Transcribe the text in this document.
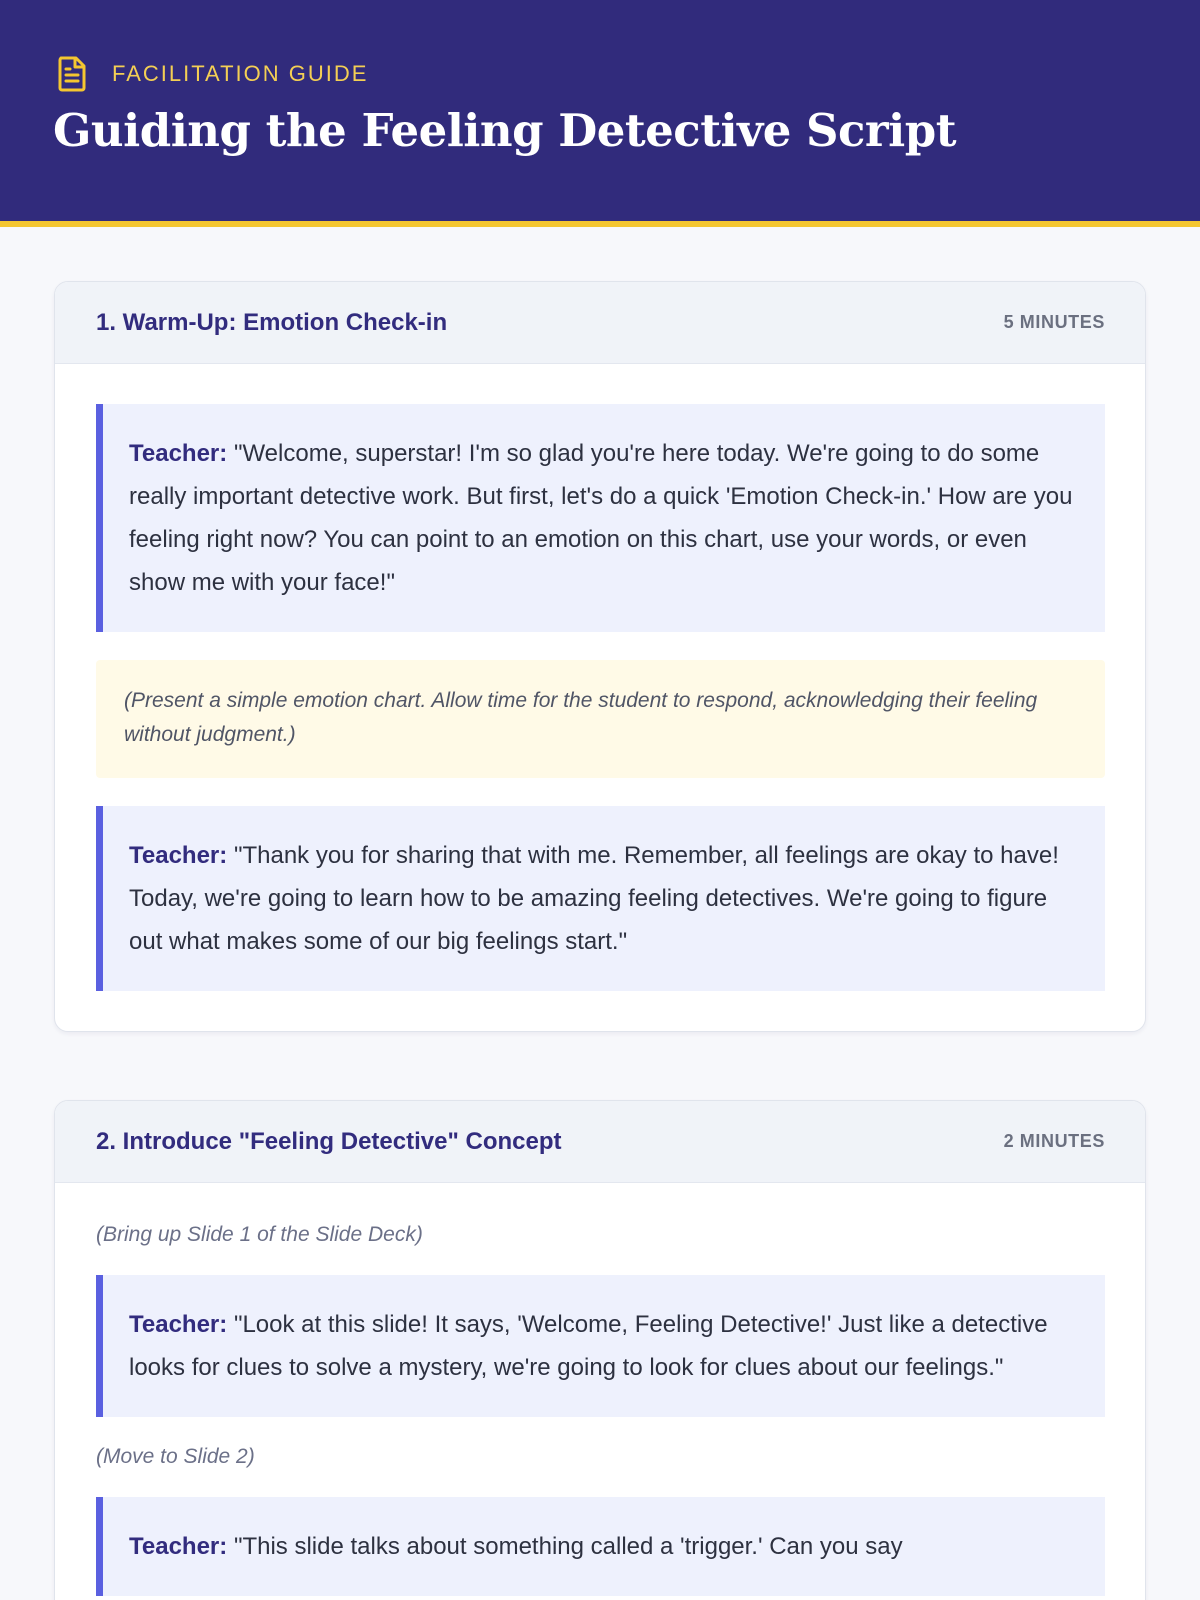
FACILITATION GUIDE
Guiding the Feeling Detective Script
1. Warm-Up: Emotion Check-in	5 MINUTES
Teacher: "Welcome, superstar! I'm so glad you're here today. We're going to do some really important detective work. But first, let's do a quick 'Emotion Check-in.' How are you feeling right now? You can point to an emotion on this chart, use your words, or even show me with your face!"
(Present a simple emotion chart. Allow time for the student to respond, acknowledging their feeling without judgment.)
Teacher: "Thank you for sharing that with me. Remember, all feelings are okay to have! Today, we're going to learn how to be amazing feeling detectives. We're going to figure out what makes some of our big feelings start."
2. Introduce "Feeling Detective" Concept	2 MINUTES
(Bring up Slide 1 of the Slide Deck)
Teacher: "Look at this slide! It says, 'Welcome, Feeling Detective!' Just like a detective looks for clues to solve a mystery, we're going to look for clues about our feelings."
(Move to Slide 2)
Teacher: "This slide talks about something called a 'trigger.' Can you say
